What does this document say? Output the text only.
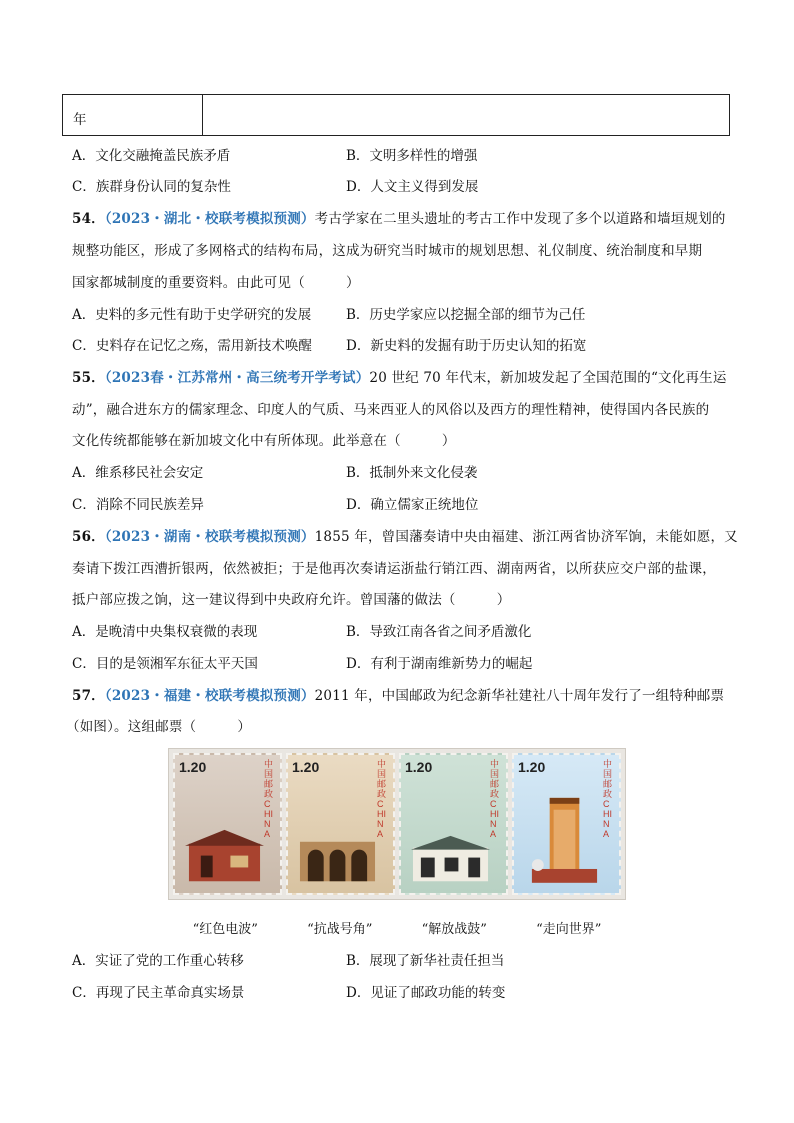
年
A．文化交融掩盖民族矛盾	B．文明多样性的增强
C．族群身份认同的复杂性	D．人文主义得到发展
54．（2023・湖北・校联考模拟预测）考古学家在二里头遗址的考古工作中发现了多个以道路和墙垣规划的
规整功能区，形成了多网格式的结构布局，这成为研究当时城市的规划思想、礼仪制度、统治制度和早期
国家都城制度的重要资料。由此可见（　　　）
A．史料的多元性有助于史学研究的发展	B．历史学家应以挖掘全部的细节为己任
C．史料存在记忆之殇，需用新技术唤醒	D．新史料的发掘有助于历史认知的拓宽
55．（2023春・江苏常州・高三统考开学考试）20 世纪 70 年代末，新加坡发起了全国范围的“文化再生运
动”，融合进东方的儒家理念、印度人的气质、马来西亚人的风俗以及西方的理性精神，使得国内各民族的
文化传统都能够在新加坡文化中有所体现。此举意在（　　　）
A．维系移民社会安定	B．抵制外来文化侵袭
C．消除不同民族差异	D．确立儒家正统地位
56．（2023・湖南・校联考模拟预测）1855 年，曾国藩奏请中央由福建、浙江两省协济军饷，未能如愿，又
奏请下拨江西漕折银两，依然被拒；于是他再次奏请运浙盐行销江西、湖南两省，以所获应交户部的盐课，
抵户部应拨之饷，这一建议得到中央政府允许。曾国藩的做法（　　　）
A．是晚清中央集权衰微的表现	B．导致江南各省之间矛盾激化
C．目的是领湘军东征太平天国	D．有利于湖南维新势力的崛起
57．（2023・福建・校联考模拟预测）2011 年，中国邮政为纪念新华社建社八十周年发行了一组特种邮票
（如图）。这组邮票（　　　）
1.20	中国邮政CHINA
1.20	中国邮政CHINA
1.20	中国邮政CHINA
1.20	中国邮政CHINA
“红色电波”	“抗战号角”	“解放战鼓”	“走向世界”
A．实证了党的工作重心转移	B．展现了新华社责任担当
C．再现了民主革命真实场景	D．见证了邮政功能的转变
